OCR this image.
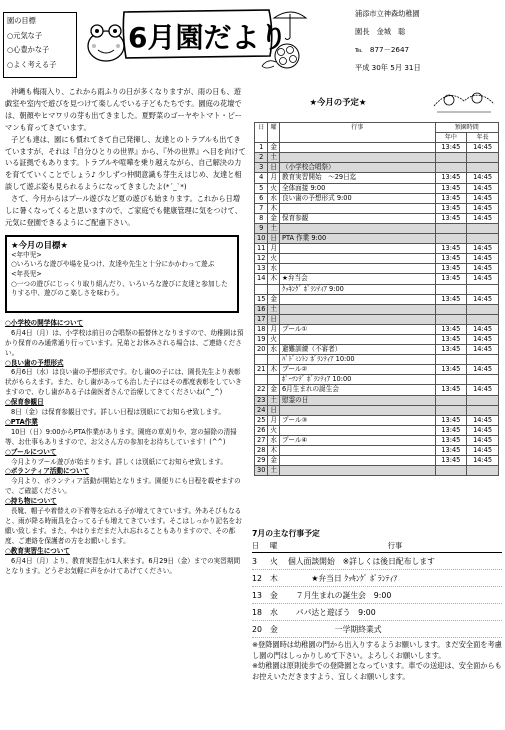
園の目標
○元気な子
○心豊かな子
○よく考える子
6月園だより
浦添市立神森幼稚園
園長　金城　聡
℡　877－2647
平成 30年 5月 31日

沖縄も梅雨入り、これから雨ふりの日が多くなりますが、雨の日も、遊戯室や室内で遊びを見つけて楽しんでいる子どもたちです。園庭の花壇では、朝顔やヒマワリの芽も出てきました。夏野菜のゴーヤやトマト・ピーマンも育ってきています。

子ども達は、園にも慣れてきて自己発揮し、友達とのトラブルも出てきていますが、それは『自分ひとりの世界』から、『外の世界』へ目を向けている証拠でもあります。トラブルや喧嘩を乗り越えながら、自己解決の力を育てていくことでしょう♪ 少しずつ仲間意識も芽生えはじめ、友達と相談して遊ぶ姿も見られるようになってきましたよ(*´_`*)

さて、今月からはプール遊びなど夏の遊びも始まります。これから日増しに暑くなってくると思いますので、ご家庭でも健康管理に気をつけて、元気に登園できるようにご配慮下さい。

★今月の目標★
<年中児>
○いろいろな遊びや場を見つけ、友達や先生と十分にかかわって遊ぶ
<年長児>
○一つの遊びにじっくり取り組んだり、いろいろな遊びに友達と参加したりする中、遊びのこ楽しさを味わう。
○小学校の開学体について
6月4日（月）は、小学校は前日の合唱祭の振替休となりますので、幼稚園は預かり保育のみ通常通り行っています。兄弟とお休みされる場合は、ご連絡ください。
○良い歯の予想形式
6月6日（水）は良い歯の予想形式です。むし歯0の子には、園長先生より表彰状がもらえます。また、むし歯があっても治した子にはその都度表彰をしていきますので、むし歯がある子は歯医者さんで治療してきてくださいね(^_^)
○保育参観日
8日（金）は保育参観日です。詳しい日程は別紙にてお知らせ致します。
○PTA作業
10日（日）9:00からPTA作業があります。園庭の草刈りや、窓の掃除の清掃等、お仕事もありますので、お父さん方の参加をお待ちしています！(^^)
○プールについて
今月よりプール遊びが始まります。詳しくは別紙にてお知らせ致します。
○ボランティア活動について
今月より、ボランティア活動が開始となります。園便りにも日程を載せますので、ご確認ください。
○持ち物について
長靴、帽子や着替えの下着等を忘れる子が増えてきています。外あそびもなると、雨が降る時雨具を合ってる子も増えてきています。そこはしっかり記名をお願い致します。また、やはりまだまだ入れ忘れることもありますので、その都度、ご連絡を保護者の方をお願いします。
○教育実習生について
6月4日（月）より、教育実習生が1人来ます。6月29日（金）までの実習期間となります。どうぞお気軽に声をかけてあげてください。
★今月の予定★
日	曜	行事	預園時間	
			年中	年長
1	金		13:45	14:45
2	土			
3	日	（小学校合唱祭）		
4	月	教育実習開始　～29日迄	13:45	14:45
5	火	全体面接 9:00	13:45	14:45
6	水	良い歯の予想形式 9:00	13:45	14:45
7	木		13:45	14:45
8	金	保育参観	13:45	14:45
9	土			
10	日	PTA 作業 9:00		
11	月		13:45	14:45
12	火		13:45	14:45
13	水		13:45	14:45
14	木	★弁当会	13:45	14:45
		ｸｯｷﾝｸﾞ ﾎﾞﾗﾝﾃｨｱ 9:00		
15	金		13:45	14:45
16	土			
17	日			
18	月	プール①	13:45	14:45
19	火		13:45	14:45
20	水	避難訓練（不審者）	13:45	14:45
		ﾊﾞﾄﾞﾐﾝﾄﾝ ﾎﾞﾗﾝﾃｨｱ 10:00		
21	木	プール②	13:45	14:45
		ﾎﾟｰﾂﾝﾃﾞ ﾎﾞﾗﾝﾃｨｱ 10:00		
22	金	6月生まれの誕生会	13:45	14:45
23	土	慰霊の日		
24	日			
25	月	プール③	13:45	14:45
26	火		13:45	14:45
27	水	プール④	13:45	14:45
28	木		13:45	14:45
29	金		13:45	14:45
30	土			
7月の主な行事予定
日	曜	行事
3	火	個人面談開始　※詳しくは後日配布します
12	木	　　　★弁当日 ｸｯｷﾝｸﾞ ﾎﾞﾗﾝﾃｨｱ
13	金	　７月生まれの誕生会　9:00
18	水	　パパ达と遊ぼう　9:00
20	金	　　　　　　一学期終業式
※登降園時は幼稚園の門から出入りするようお願いします。まだ安全面を考慮し園の門はしっかりしめて下さい。よろしくお願いします。
※幼稚園は原則徒歩での登降園となっています。車での送迎は、安全面からもお控えいただきますよう、宜しくお願いします。
